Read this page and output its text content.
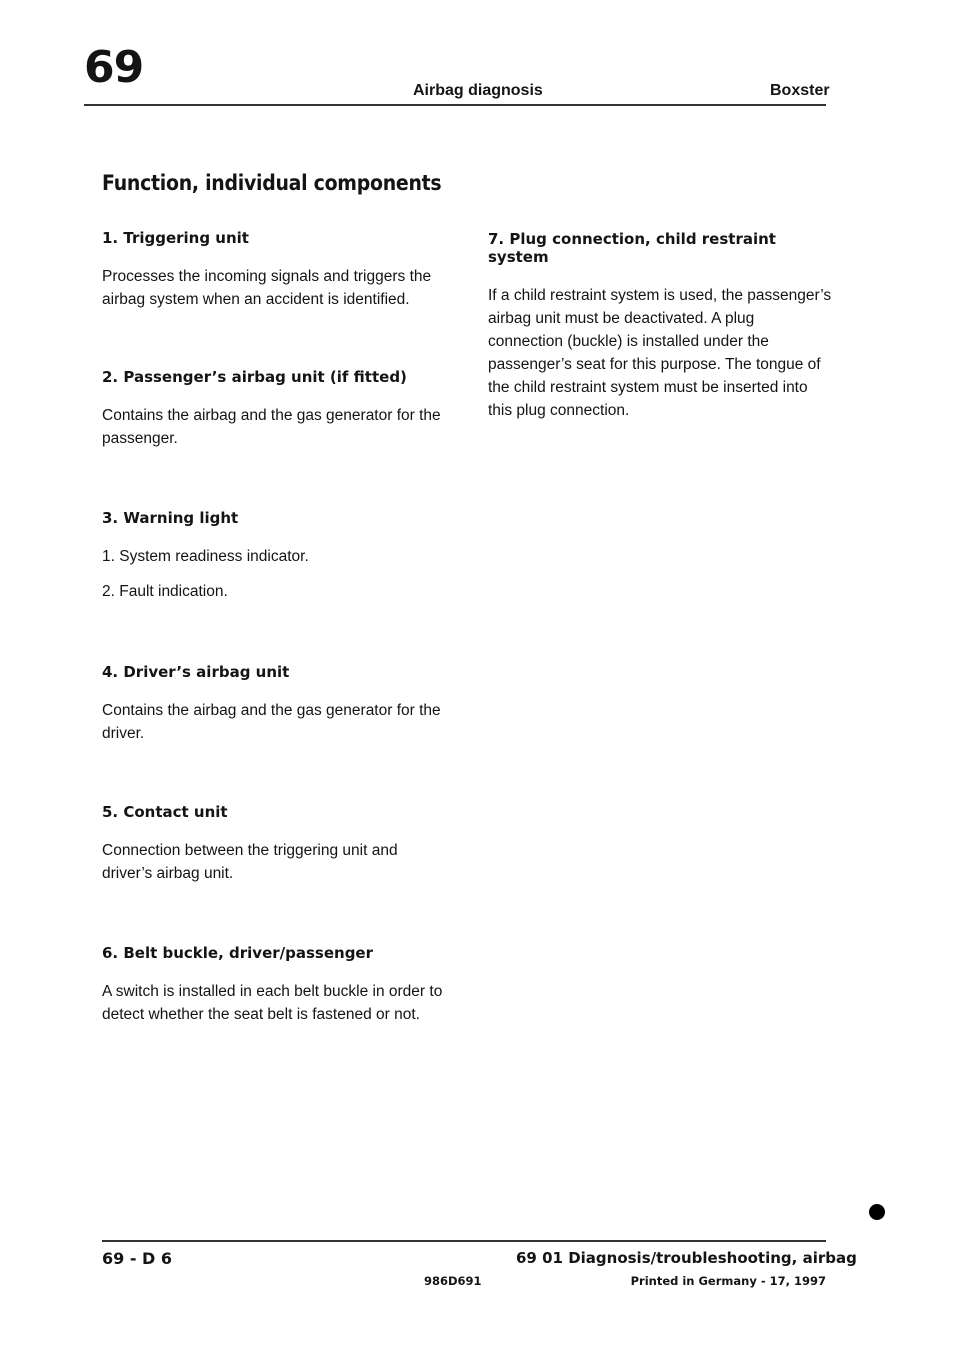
69	Airbag diagnosis	Boxster
Function, individual components
1. Triggering unit

Processes the incoming signals and triggers the airbag system when an accident is identified.

2. Passenger’s airbag unit (if fitted)

Contains the airbag and the gas generator for the passenger.

3. Warning light

1. System readiness indicator.

2. Fault indication.

4. Driver’s airbag unit

Contains the airbag and the gas generator for the driver.

5. Contact unit

Connection between the triggering unit and driver’s airbag unit.

6. Belt buckle, driver/passenger

A switch is installed in each belt buckle in order to detect whether the seat belt is fastened or not.

7. Plug connection, child restraint system

If a child restraint system is used, the passenger’s airbag unit must be deactivated. A plug connection (buckle) is installed under the passenger’s seat for this purpose. The tongue of the child restraint system must be inserted into this plug connection.

69 - D 6	69 01 Diagnosis/troubleshooting, airbag
986D691	Printed in Germany - 17, 1997
